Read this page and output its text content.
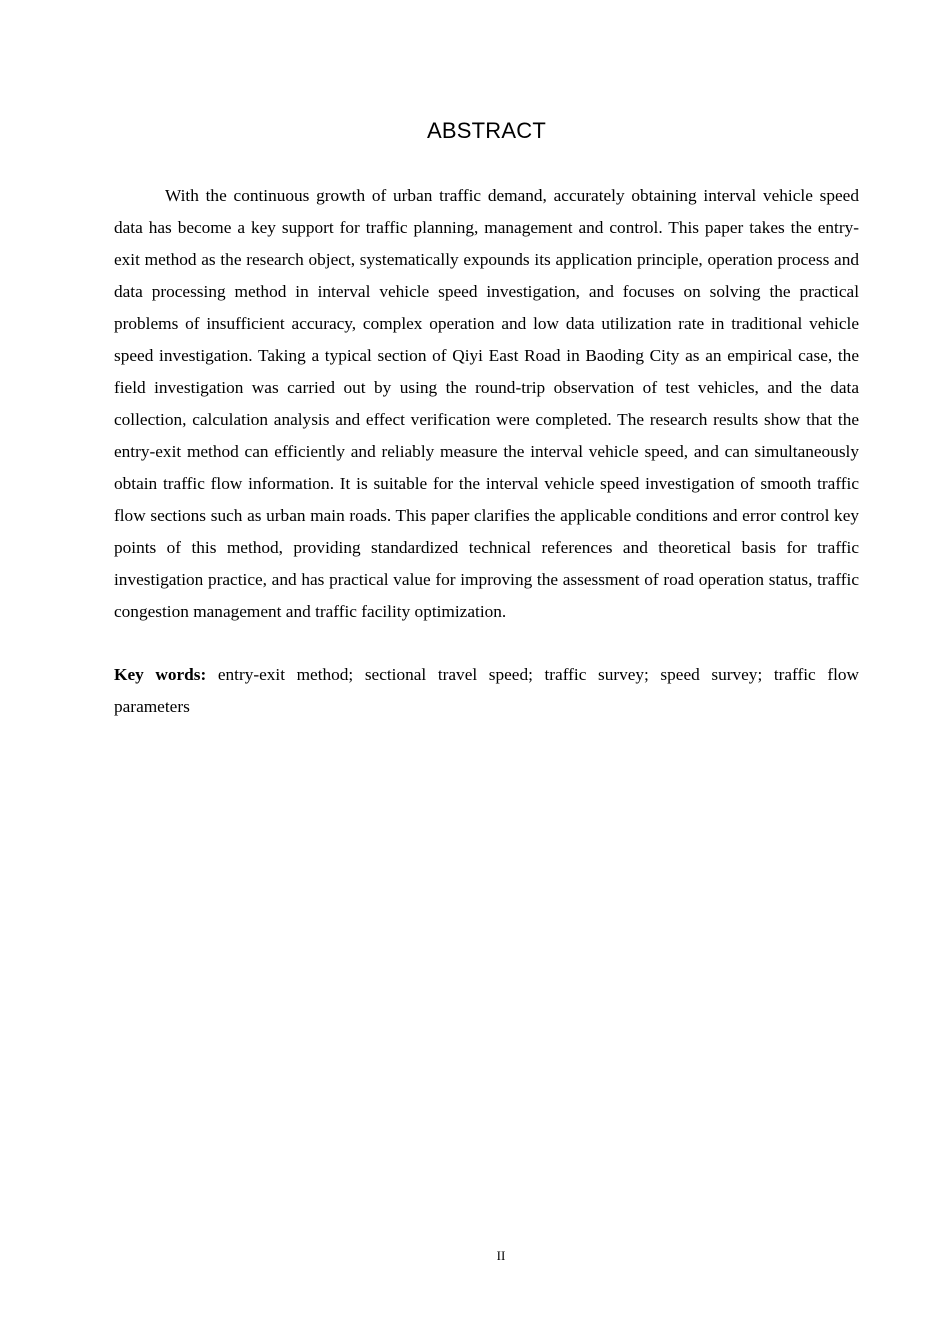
ABSTRACT

With the continuous growth of urban traffic demand, accurately obtaining interval vehicle speed data has become a key support for traffic planning, management and control. This paper takes the entry-exit method as the research object, systematically expounds its application principle, operation process and data processing method in interval vehicle speed investigation, and focuses on solving the practical problems of insufficient accuracy, complex operation and low data utilization rate in traditional vehicle speed investigation. Taking a typical section of Qiyi East Road in Baoding City as an empirical case, the field investigation was carried out by using the round-trip observation of test vehicles, and the data collection, calculation analysis and effect verification were completed. The research results show that the entry-exit method can efficiently and reliably measure the interval vehicle speed, and can simultaneously obtain traffic flow information. It is suitable for the interval vehicle speed investigation of smooth traffic flow sections such as urban main roads. This paper clarifies the applicable conditions and error control key points of this method, providing standardized technical references and theoretical basis for traffic investigation practice, and has practical value for improving the assessment of road operation status, traffic congestion management and traffic facility optimization.

Key words: entry-exit method; sectional travel speed; traffic survey; speed survey; traffic flow parameters

II
